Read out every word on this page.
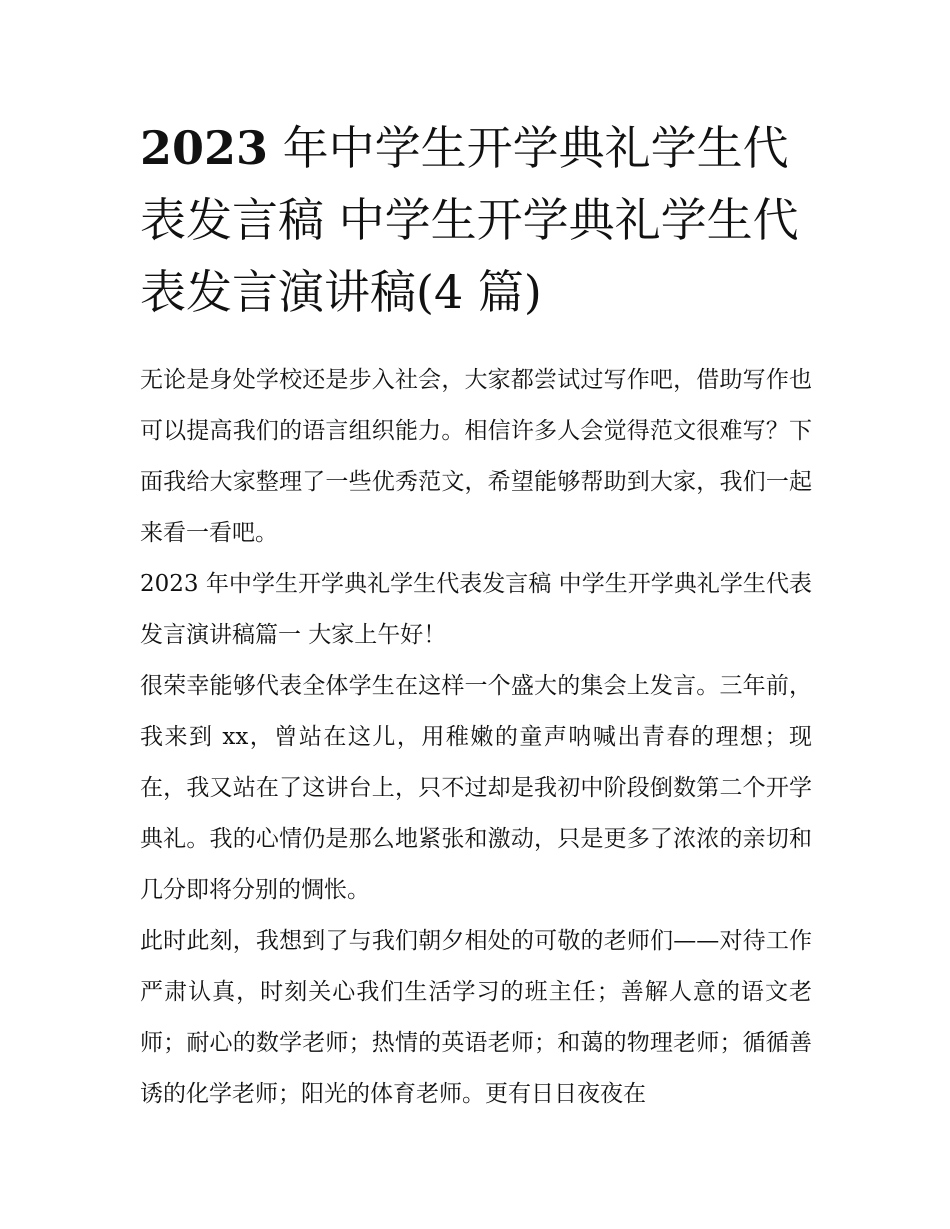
2023 年中学生开学典礼学生代表发言稿 中学生开学典礼学生代表发言演讲稿(4 篇)

无论是身处学校还是步入社会，大家都尝试过写作吧，借助写作也可以提高我们的语言组织能力。相信许多人会觉得范文很难写？下面我给大家整理了一些优秀范文，希望能够帮助到大家，我们一起来看一看吧。

2023 年中学生开学典礼学生代表发言稿 中学生开学典礼学生代表发言演讲稿篇一 大家上午好！

很荣幸能够代表全体学生在这样一个盛大的集会上发言。三年前，我来到 xx，曾站在这儿，用稚嫩的童声呐喊出青春的理想；现在，我又站在了这讲台上，只不过却是我初中阶段倒数第二个开学典礼。我的心情仍是那么地紧张和激动，只是更多了浓浓的亲切和几分即将分别的惆怅。

此时此刻，我想到了与我们朝夕相处的可敬的老师们——对待工作严肃认真，时刻关心我们生活学习的班主任；善解人意的语文老师；耐心的数学老师；热情的英语老师；和蔼的物理老师；循循善诱的化学老师；阳光的体育老师。更有日日夜夜在
